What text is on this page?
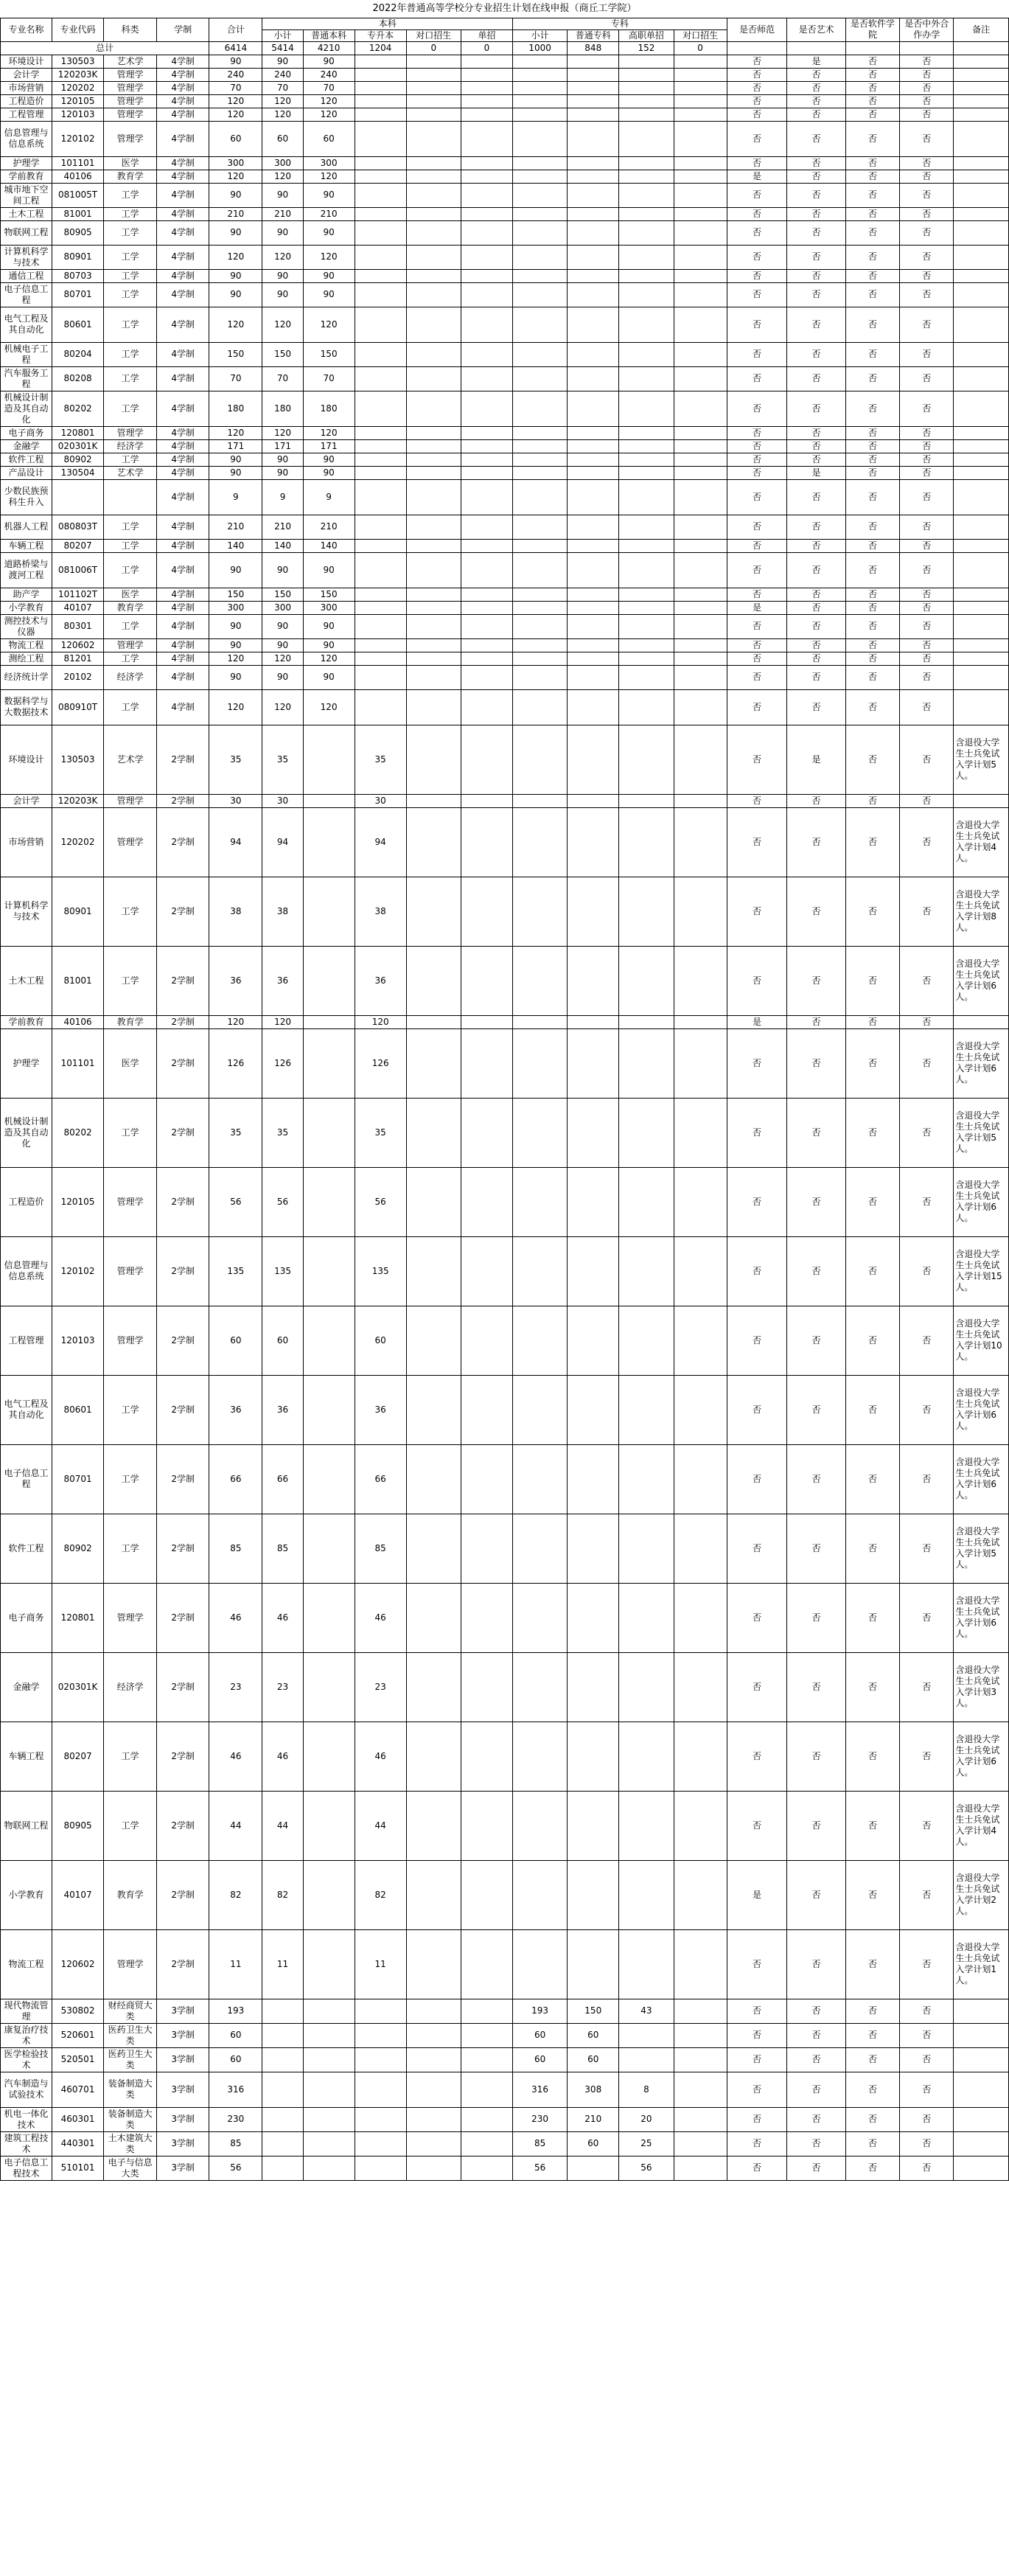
2022年普通高等学校分专业招生计划在线申报（商丘工学院）																		
专业名称	专业代码	科类	学制	合计	本科					专科				是否师范	是否艺术	是否软件学院	是否中外合作办学	备注
					小计	普通本科	专升本	对口招生	单招	小计	普通专科	高职单招	对口招生					
总计				6414	5414	4210	1204	0	0	1000	848	152	0					
环境设计	130503	艺术学	4学制	90	90	90								否	是	否	否	
会计学	120203K	管理学	4学制	240	240	240								否	否	否	否	
市场营销	120202	管理学	4学制	70	70	70								否	否	否	否	
工程造价	120105	管理学	4学制	120	120	120								否	否	否	否	
工程管理	120103	管理学	4学制	120	120	120								否	否	否	否	
信息管理与信息系统	120102	管理学	4学制	60	60	60								否	否	否	否	
护理学	101101	医学	4学制	300	300	300								否	否	否	否	
学前教育	40106	教育学	4学制	120	120	120								是	否	否	否	
城市地下空间工程	081005T	工学	4学制	90	90	90								否	否	否	否	
土木工程	81001	工学	4学制	210	210	210								否	否	否	否	
物联网工程	80905	工学	4学制	90	90	90								否	否	否	否	
计算机科学与技术	80901	工学	4学制	120	120	120								否	否	否	否	
通信工程	80703	工学	4学制	90	90	90								否	否	否	否	
电子信息工程	80701	工学	4学制	90	90	90								否	否	否	否	
电气工程及其自动化	80601	工学	4学制	120	120	120								否	否	否	否	
机械电子工程	80204	工学	4学制	150	150	150								否	否	否	否	
汽车服务工程	80208	工学	4学制	70	70	70								否	否	否	否	
机械设计制造及其自动化	80202	工学	4学制	180	180	180								否	否	否	否	
电子商务	120801	管理学	4学制	120	120	120								否	否	否	否	
金融学	020301K	经济学	4学制	171	171	171								否	否	否	否	
软件工程	80902	工学	4学制	90	90	90								否	否	否	否	
产品设计	130504	艺术学	4学制	90	90	90								否	是	否	否	
少数民族预科生升入			4学制	9	9	9								否	否	否	否	
机器人工程	080803T	工学	4学制	210	210	210								否	否	否	否	
车辆工程	80207	工学	4学制	140	140	140								否	否	否	否	
道路桥梁与渡河工程	081006T	工学	4学制	90	90	90								否	否	否	否	
助产学	101102T	医学	4学制	150	150	150								否	否	否	否	
小学教育	40107	教育学	4学制	300	300	300								是	否	否	否	
测控技术与仪器	80301	工学	4学制	90	90	90								否	否	否	否	
物流工程	120602	管理学	4学制	90	90	90								否	否	否	否	
测绘工程	81201	工学	4学制	120	120	120								否	否	否	否	
经济统计学	20102	经济学	4学制	90	90	90								否	否	否	否	
数据科学与大数据技术	080910T	工学	4学制	120	120	120								否	否	否	否	
环境设计	130503	艺术学	2学制	35	35		35							否	是	否	否	含退役大学生士兵免试入学计划5人。
会计学	120203K	管理学	2学制	30	30		30							否	否	否	否	
市场营销	120202	管理学	2学制	94	94		94							否	否	否	否	含退役大学生士兵免试入学计划4人。
计算机科学与技术	80901	工学	2学制	38	38		38							否	否	否	否	含退役大学生士兵免试入学计划8人。
土木工程	81001	工学	2学制	36	36		36							否	否	否	否	含退役大学生士兵免试入学计划6人。
学前教育	40106	教育学	2学制	120	120		120							是	否	否	否	
护理学	101101	医学	2学制	126	126		126							否	否	否	否	含退役大学生士兵免试入学计划6人。
机械设计制造及其自动化	80202	工学	2学制	35	35		35							否	否	否	否	含退役大学生士兵免试入学计划5人。
工程造价	120105	管理学	2学制	56	56		56							否	否	否	否	含退役大学生士兵免试入学计划6人。
信息管理与信息系统	120102	管理学	2学制	135	135		135							否	否	否	否	含退役大学生士兵免试入学计划15人。
工程管理	120103	管理学	2学制	60	60		60							否	否	否	否	含退役大学生士兵免试入学计划10人。
电气工程及其自动化	80601	工学	2学制	36	36		36							否	否	否	否	含退役大学生士兵免试入学计划6人。
电子信息工程	80701	工学	2学制	66	66		66							否	否	否	否	含退役大学生士兵免试入学计划6人。
软件工程	80902	工学	2学制	85	85		85							否	否	否	否	含退役大学生士兵免试入学计划5人。
电子商务	120801	管理学	2学制	46	46		46							否	否	否	否	含退役大学生士兵免试入学计划6人。
金融学	020301K	经济学	2学制	23	23		23							否	否	否	否	含退役大学生士兵免试入学计划3人。
车辆工程	80207	工学	2学制	46	46		46							否	否	否	否	含退役大学生士兵免试入学计划6人。
物联网工程	80905	工学	2学制	44	44		44							否	否	否	否	含退役大学生士兵免试入学计划4人。
小学教育	40107	教育学	2学制	82	82		82							是	否	否	否	含退役大学生士兵免试入学计划2人。
物流工程	120602	管理学	2学制	11	11		11							否	否	否	否	含退役大学生士兵免试入学计划1人。
现代物流管理	530802	财经商贸大类	3学制	193						193	150	43		否	否	否	否	
康复治疗技术	520601	医药卫生大类	3学制	60						60	60			否	否	否	否	
医学检验技术	520501	医药卫生大类	3学制	60						60	60			否	否	否	否	
汽车制造与试验技术	460701	装备制造大类	3学制	316						316	308	8		否	否	否	否	
机电一体化技术	460301	装备制造大类	3学制	230						230	210	20		否	否	否	否	
建筑工程技术	440301	土木建筑大类	3学制	85						85	60	25		否	否	否	否	
电子信息工程技术	510101	电子与信息大类	3学制	56						56		56		否	否	否	否	
